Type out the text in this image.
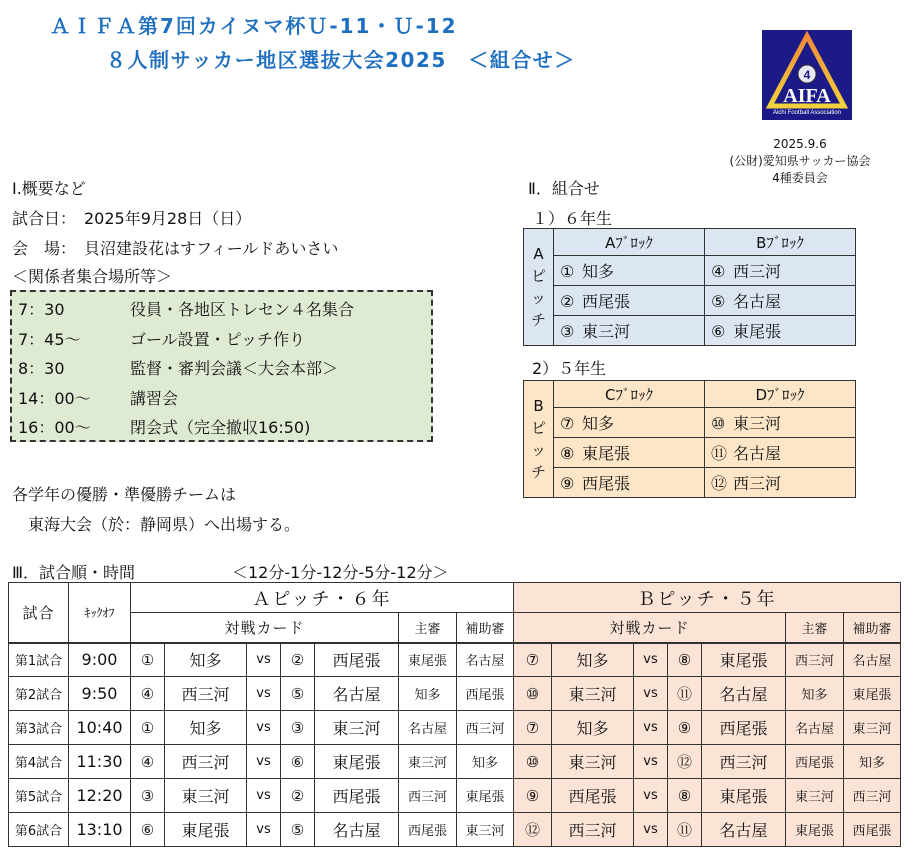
ＡＩＦＡ第7回カイヌマ杯Ｕ-11・Ｕ-12
８人制サッカー地区選抜大会2025　＜組合せ＞
4
AIFA
Aichi Football Association
2025.9.6
(公財)愛知県サッカー協会
4種委員会
Ⅰ.概要など
試合日：　2025年9月28日（日）
会　場：　貝沼建設花はすフィールドあいさい
＜関係者集合場所等＞
7：30	役員・各地区トレセン４名集合
7：45～	ゴール設置・ピッチ作り
8：30	監督・審判会議＜大会本部＞
14：00～	講習会
16：00～	閉会式（完全撤収16:50)
各学年の優勝・準優勝チームは
　東海大会（於：静岡県）へ出場する。
Ⅱ．組合せ
１）６年生
A
ピ
ッ
チ	Aﾌﾞﾛｯｸ	Bﾌﾞﾛｯｸ
	① 知多	④ 西三河
	② 西尾張	⑤ 名古屋
	③ 東三河	⑥ 東尾張
2）５年生
B
ピ
ッ
チ	Cﾌﾞﾛｯｸ	Dﾌﾞﾛｯｸ
	⑦ 知多	⑩ 東三河
	⑧ 東尾張	⑪ 名古屋
	⑨ 西尾張	⑫ 西三河
Ⅲ．試合順・時間	＜12分-1分-12分-5分-12分＞
試合	ｷｯｸｵﾌ	Ａピッチ・６年							Ｂピッチ・５年						
		対戦カード					主審	補助審	対戦カード					主審	補助審
第1試合	9:00	①	知多	vs	②	西尾張	東尾張	名古屋	⑦	知多	vs	⑧	東尾張	西三河	名古屋
第2試合	9:50	④	西三河	vs	⑤	名古屋	知多	西尾張	⑩	東三河	vs	⑪	名古屋	知多	東尾張
第3試合	10:40	①	知多	vs	③	東三河	名古屋	西三河	⑦	知多	vs	⑨	西尾張	名古屋	東三河
第4試合	11:30	④	西三河	vs	⑥	東尾張	東三河	知多	⑩	東三河	vs	⑫	西三河	西尾張	知多
第5試合	12:20	③	東三河	vs	②	西尾張	西三河	東尾張	⑨	西尾張	vs	⑧	東尾張	東三河	西三河
第6試合	13:10	⑥	東尾張	vs	⑤	名古屋	西尾張	東三河	⑫	西三河	vs	⑪	名古屋	東尾張	西尾張
